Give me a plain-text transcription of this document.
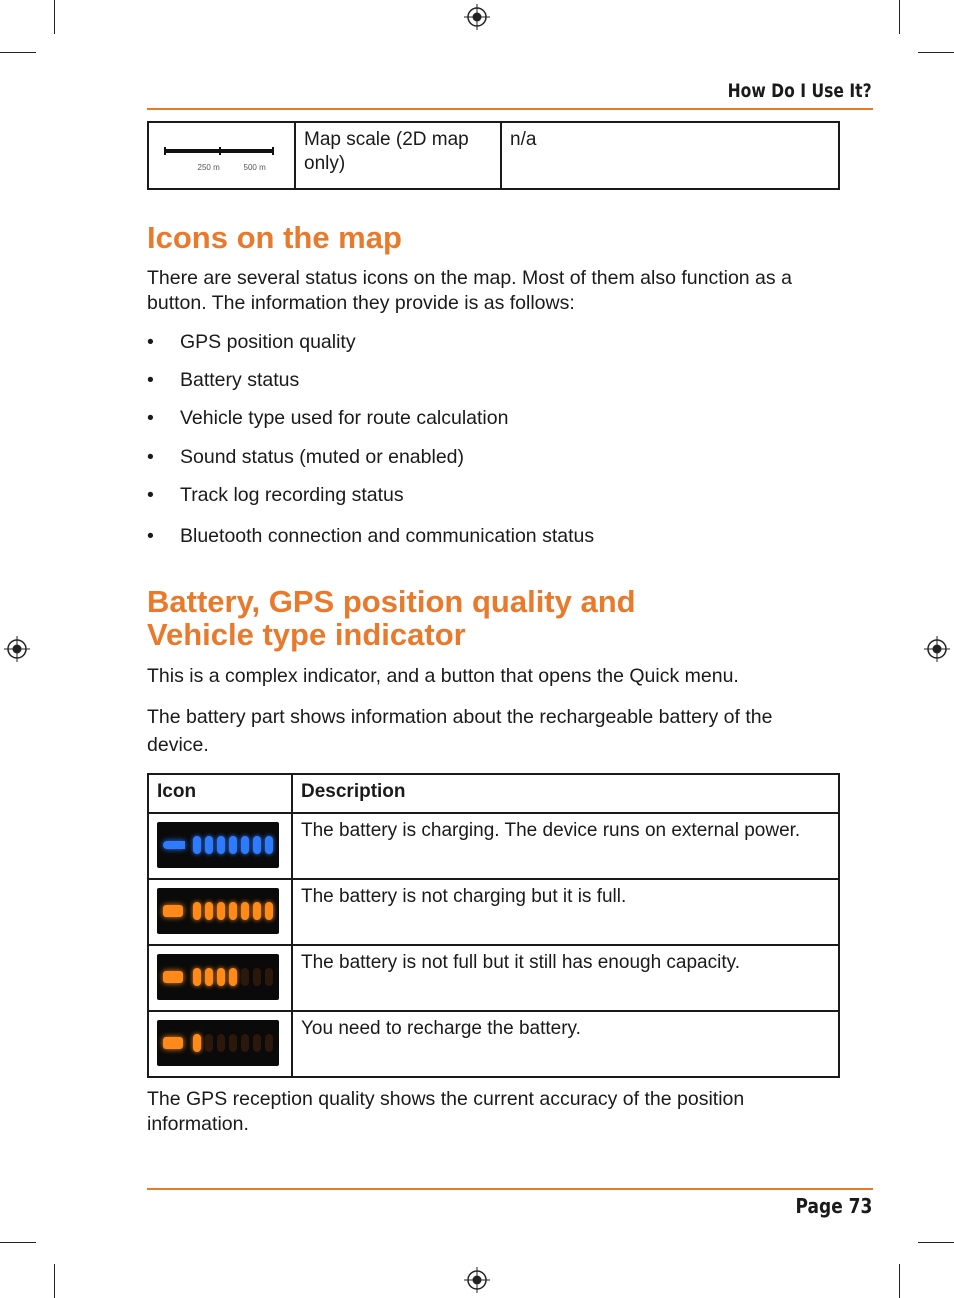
How Do I Use It?
250 m	500 m
	Map scale (2D map only)	n/a
Icons on the map
There are several status icons on the map. Most of them also function as a button. The information they provide is as follows:
• GPS position quality
• Battery status
• Vehicle type used for route calculation
• Sound status (muted or enabled)
• Track log recording status
• Bluetooth connection and communication status
Battery, GPS position quality and
Vehicle type indicator
This is a complex indicator, and a button that opens the Quick menu.
The battery part shows information about the rechargeable battery of the device.
Icon	Description

	The battery is charging. The device runs on external power.

	The battery is not charging but it is full.

	The battery is not full but it still has enough capacity.

	You need to recharge the battery.
The GPS reception quality shows the current accuracy of the position information.
Page 73
